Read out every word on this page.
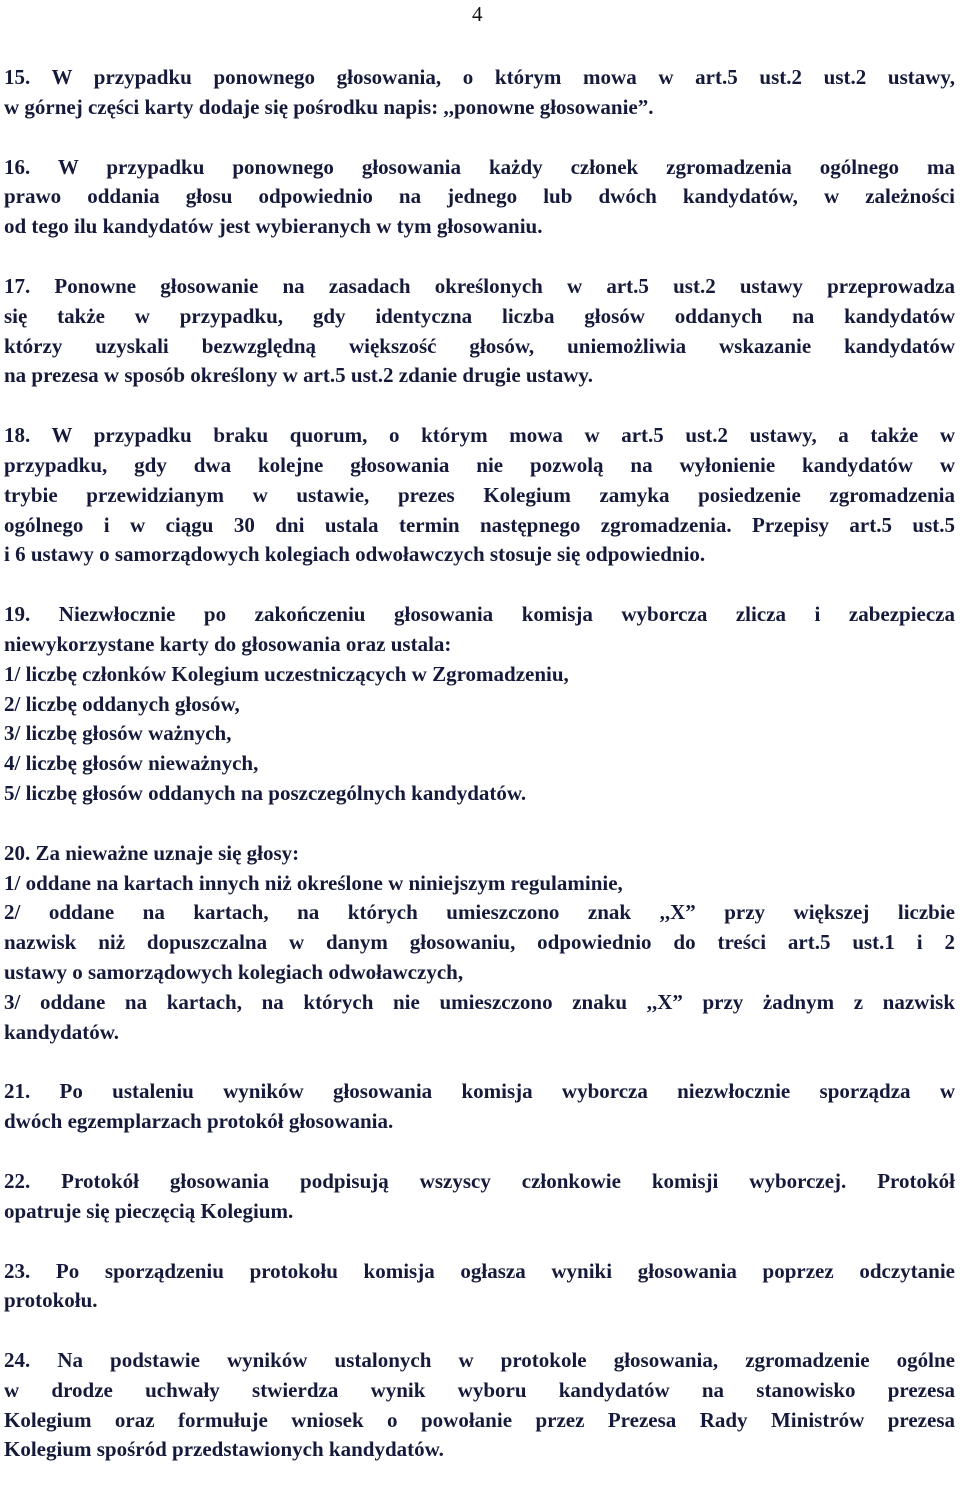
4
15. W przypadku ponownego głosowania, o którym mowa w art.5 ust.2 ust.2 ustawy,
w górnej części karty dodaje się pośrodku napis: ,,ponowne głosowanie”.
16. W przypadku ponownego głosowania każdy członek zgromadzenia ogólnego ma
prawo oddania głosu odpowiednio na jednego lub dwóch kandydatów, w zależności
od tego ilu kandydatów jest wybieranych w tym głosowaniu.
17. Ponowne głosowanie na zasadach określonych w art.5 ust.2 ustawy przeprowadza
się także w przypadku, gdy identyczna liczba głosów oddanych na kandydatów
którzy uzyskali bezwzględną większość głosów, uniemożliwia wskazanie kandydatów
na prezesa w sposób określony w art.5 ust.2 zdanie drugie ustawy.
18. W przypadku braku quorum, o którym mowa w art.5 ust.2 ustawy, a także w
przypadku, gdy dwa kolejne głosowania nie pozwolą na wyłonienie kandydatów w
trybie przewidzianym w ustawie, prezes Kolegium zamyka posiedzenie zgromadzenia
ogólnego i w ciągu 30 dni ustala termin następnego zgromadzenia. Przepisy art.5 ust.5
i 6 ustawy o samorządowych kolegiach odwoławczych stosuje się odpowiednio.
19. Niezwłocznie po zakończeniu głosowania komisja wyborcza zlicza i zabezpiecza
niewykorzystane karty do głosowania oraz ustala:
1/ liczbę członków Kolegium uczestniczących w Zgromadzeniu,
2/ liczbę oddanych głosów,
3/ liczbę głosów ważnych,
4/ liczbę głosów nieważnych,
5/ liczbę głosów oddanych na poszczególnych kandydatów.
20. Za nieważne uznaje się głosy:
1/ oddane na kartach innych niż określone w niniejszym regulaminie,
2/ oddane na kartach, na których umieszczono znak ,,X” przy większej liczbie
nazwisk niż dopuszczalna w danym głosowaniu, odpowiednio do treści art.5 ust.1 i 2
ustawy o samorządowych kolegiach odwoławczych,
3/ oddane na kartach, na których nie umieszczono znaku ,,X” przy żadnym z nazwisk
kandydatów.
21. Po ustaleniu wyników głosowania komisja wyborcza niezwłocznie sporządza w
dwóch egzemplarzach protokół głosowania.
22. Protokół głosowania podpisują wszyscy członkowie komisji wyborczej. Protokół
opatruje się pieczęcią Kolegium.
23. Po sporządzeniu protokołu komisja ogłasza wyniki głosowania poprzez odczytanie
protokołu.
24. Na podstawie wyników ustalonych w protokole głosowania, zgromadzenie ogólne
w drodze uchwały stwierdza wynik wyboru kandydatów na stanowisko prezesa
Kolegium oraz formułuje wniosek o powołanie przez Prezesa Rady Ministrów prezesa
Kolegium spośród przedstawionych kandydatów.
